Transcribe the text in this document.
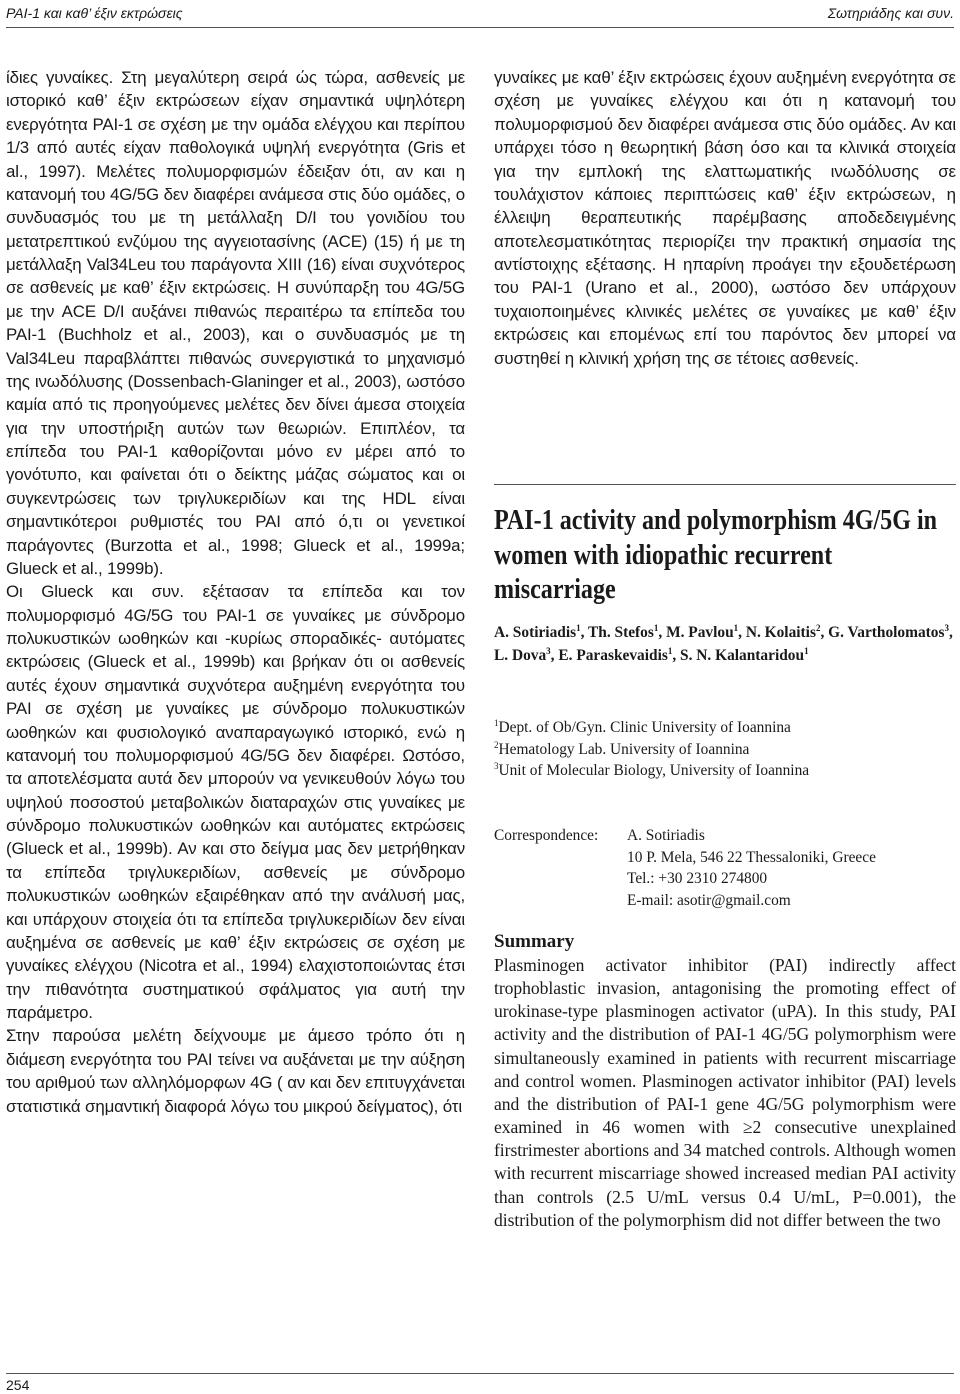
PAI-1 και καθ’ έξιν εκτρώσεις	Σωτηριάδης και συν.

ίδιες γυναίκες. Στη μεγαλύτερη σειρά ώς τώρα, ασθενείς με ιστορικό καθ’ έξιν εκτρώσεων είχαν σημαντικά υψηλότερη ενεργότητα PAI-1 σε σχέση με την ομάδα ελέγχου και περίπου 1/3 από αυτές είχαν παθολογικά υψηλή ενεργότητα (Gris et al., 1997). Μελέτες πολυμορφισμών έδειξαν ότι, αν και η κατανομή του 4G/5G δεν διαφέρει ανάμεσα στις δύο ομάδες, ο συνδυασμός του με τη μετάλλαξη D/I του γονιδίου του μετατρεπτικού ενζύμου της αγγειοτασίνης (ACE) (15) ή με τη μετάλλαξη Val34Leu του παράγοντα XIII (16) είναι συχνότερος σε ασθενείς με καθ’ έξιν εκτρώσεις. Η συνύπαρξη του 4G/5G με την ACE D/I αυξάνει πιθανώς περαιτέρω τα επίπεδα του PAI-1 (Buchholz et al., 2003), και ο συνδυασμός με τη Val34Leu παραβλάπτει πιθανώς συνεργιστικά το μηχανισμό της ινωδόλυσης (Dossenbach-Glaninger et al., 2003), ωστόσο καμία από τις προηγούμενες μελέτες δεν δίνει άμεσα στοιχεία για την υποστήριξη αυτών των θεωριών. Επιπλέον, τα επίπεδα του PAI-1 καθορίζονται μόνο εν μέρει από το γονότυπο, και φαίνεται ότι ο δείκτης μάζας σώματος και οι συγκεντρώσεις των τριγλυκεριδίων και της HDL είναι σημαντικότεροι ρυθμιστές του PAI από ό,τι οι γενετικοί παράγοντες (Burzotta et al., 1998; Glueck et al., 1999a; Glueck et al., 1999b).

Οι Glueck και συν. εξέτασαν τα επίπεδα και τον πολυμορφισμό 4G/5G του PAI-1 σε γυναίκες με σύνδρομο πολυκυστικών ωοθηκών και -κυρίως σποραδικές- αυτόματες εκτρώσεις (Glueck et al., 1999b) και βρήκαν ότι οι ασθενείς αυτές έχουν σημαντικά συχνότερα αυξημένη ενεργότητα του PAI σε σχέση με γυναίκες με σύνδρομο πολυκυστικών ωοθηκών και φυσιολογικό αναπαραγωγικό ιστορικό, ενώ η κατανομή του πολυμορφισμού 4G/5G δεν διαφέρει. Ωστόσο, τα αποτελέσματα αυτά δεν μπορούν να γενικευθούν λόγω του υψηλού ποσοστού μεταβολικών διαταραχών στις γυναίκες με σύνδρομο πολυκυστικών ωοθηκών και αυτόματες εκτρώσεις (Glueck et al., 1999b). Αν και στο δείγμα μας δεν μετρήθηκαν τα επίπεδα τριγλυκεριδίων, ασθενείς με σύνδρομο πολυκυστικών ωοθηκών εξαιρέθηκαν από την ανάλυσή μας, και υπάρχουν στοιχεία ότι τα επίπεδα τριγλυκεριδίων δεν είναι αυξημένα σε ασθενείς με καθ’ έξιν εκτρώσεις σε σχέση με γυναίκες ελέγχου (Nicotra et al., 1994) ελαχιστοποιώντας έτσι την πιθανότητα συστηματικού σφάλματος για αυτή την παράμετρο.

Στην παρούσα μελέτη δείχνουμε με άμεσο τρόπο ότι η διάμεση ενεργότητα του PAI τείνει να αυξάνεται με την αύξηση του αριθμού των αλληλόμορφων 4G ( αν και δεν επιτυγχάνεται στατιστικά σημαντική διαφορά λόγω του μικρού δείγματος), ότι

γυναίκες με καθ’ έξιν εκτρώσεις έχουν αυξημένη ενεργότητα σε σχέση με γυναίκες ελέγχου και ότι η κατανομή του πολυμορφισμού δεν διαφέρει ανάμεσα στις δύο ομάδες. Αν και υπάρχει τόσο η θεωρητική βάση όσο και τα κλινικά στοιχεία για την εμπλοκή της ελαττωματικής ινωδόλυσης σε τουλάχιστον κάποιες περιπτώσεις καθ’ έξιν εκτρώσεων, η έλλειψη θεραπευτικής παρέμβασης αποδεδειγμένης αποτελεσματικότητας περιορίζει την πρακτική σημασία της αντίστοιχης εξέτασης. Η ηπαρίνη προάγει την εξουδετέρωση του PAI-1 (Urano et al., 2000), ωστόσο δεν υπάρχουν τυχαιοποιημένες κλινικές μελέτες σε γυναίκες με καθ’ έξιν εκτρώσεις και επομένως επί του παρόντος δεν μπορεί να συστηθεί η κλινική χρήση της σε τέτοιες ασθενείς.

PAI-1 activity and polymorphism 4G/5G in women with idiopathic recurrent miscarriage

A. Sotiriadis$^1$, Th. Stefos$^1$, M. Pavlou$^1$, N. Kolaitis$^2$, G. Vartholomatos$^3$, L. Dova$^3$, E. Paraskevaidis$^1$, S. N. Kalantaridou$^1$

$^1$Dept. of Ob/Gyn. Clinic University of Ioannina
$^2$Hematology Lab. University of Ioannina
$^3$Unit of Molecular Biology, University of Ioannina
Correspondence:	A. Sotiriadis
10 P. Mela, 546 22 Thessaloniki, Greece
Tel.: +30 2310 274800
E-mail: asotir@gmail.com
Summary

Plasminogen activator inhibitor (PAI) indirectly affect trophoblastic invasion, antagonising the promoting effect of urokinase-type plasminogen activator (uPA). In this study, PAI activity and the distribution of PAI-1 4G/5G polymorphism were simultaneously examined in patients with recurrent miscarriage and control women. Plasminogen activator inhibitor (PAI) levels and the distribution of PAI-1 gene 4G/5G polymorphism were examined in 46 women with ≥2 consecutive unexplained firstrimester abortions and 34 matched controls. Although women with recurrent miscarriage showed increased median PAI activity than controls (2.5 U/mL versus 0.4 U/mL, P=0.001), the distribution of the polymorphism did not differ between the two

254
